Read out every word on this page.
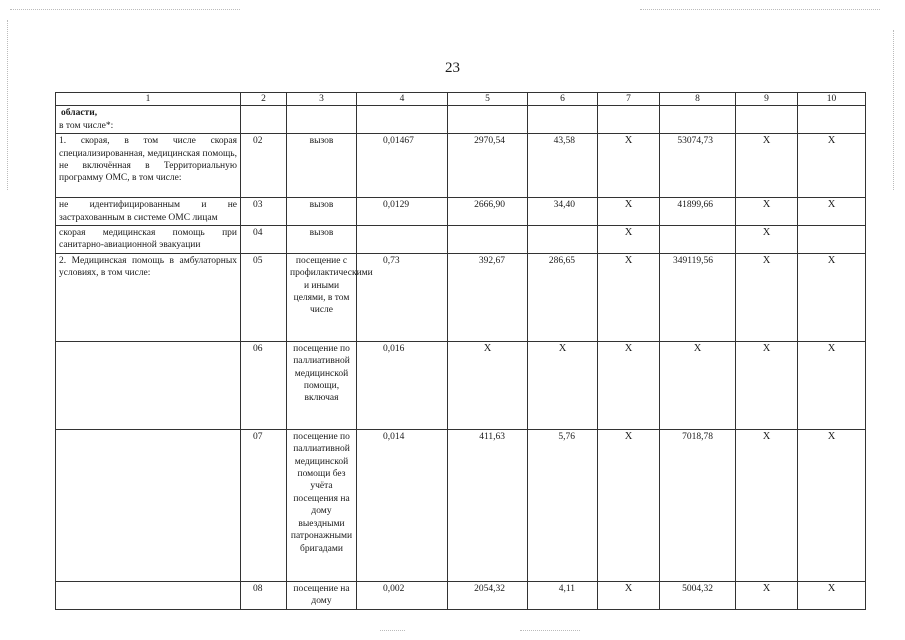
23
1	2	3	4	5	6	7	8	9	10

области,
в том числе*:									

1. скорая, в том числе скорая специализированная, медицинская помощь, не включённая в Территориальную программу ОМС, в том числе:	02	вызов	0,01467	2970,54	43,58	Х	53074,73	Х	Х
не идентифицированным и не застрахованным в системе ОМС лицам	03	вызов	0,0129	2666,90	34,40	Х	41899,66	Х	Х
скорая медицинская помощь при санитарно-авиационной эвакуации	04	вызов				Х		Х	
2. Медицинская помощь в амбулаторных условиях, в том числе:	05	посещение с профилактическими и иными целями, в том числе	0,73	392,67	286,65	Х	349119,56	Х	Х
	06	посещение по паллиативной медицинской помощи, включая	0,016	Х	Х	Х	Х	Х	Х
	07	посещение по паллиативной медицинской помощи без учёта посещения на дому выездными патронажными бригадами	0,014	411,63	5,76	Х	7018,78	Х	Х
	08	посещение на дому	0,002	2054,32	4,11	Х	5004,32	Х	Х
